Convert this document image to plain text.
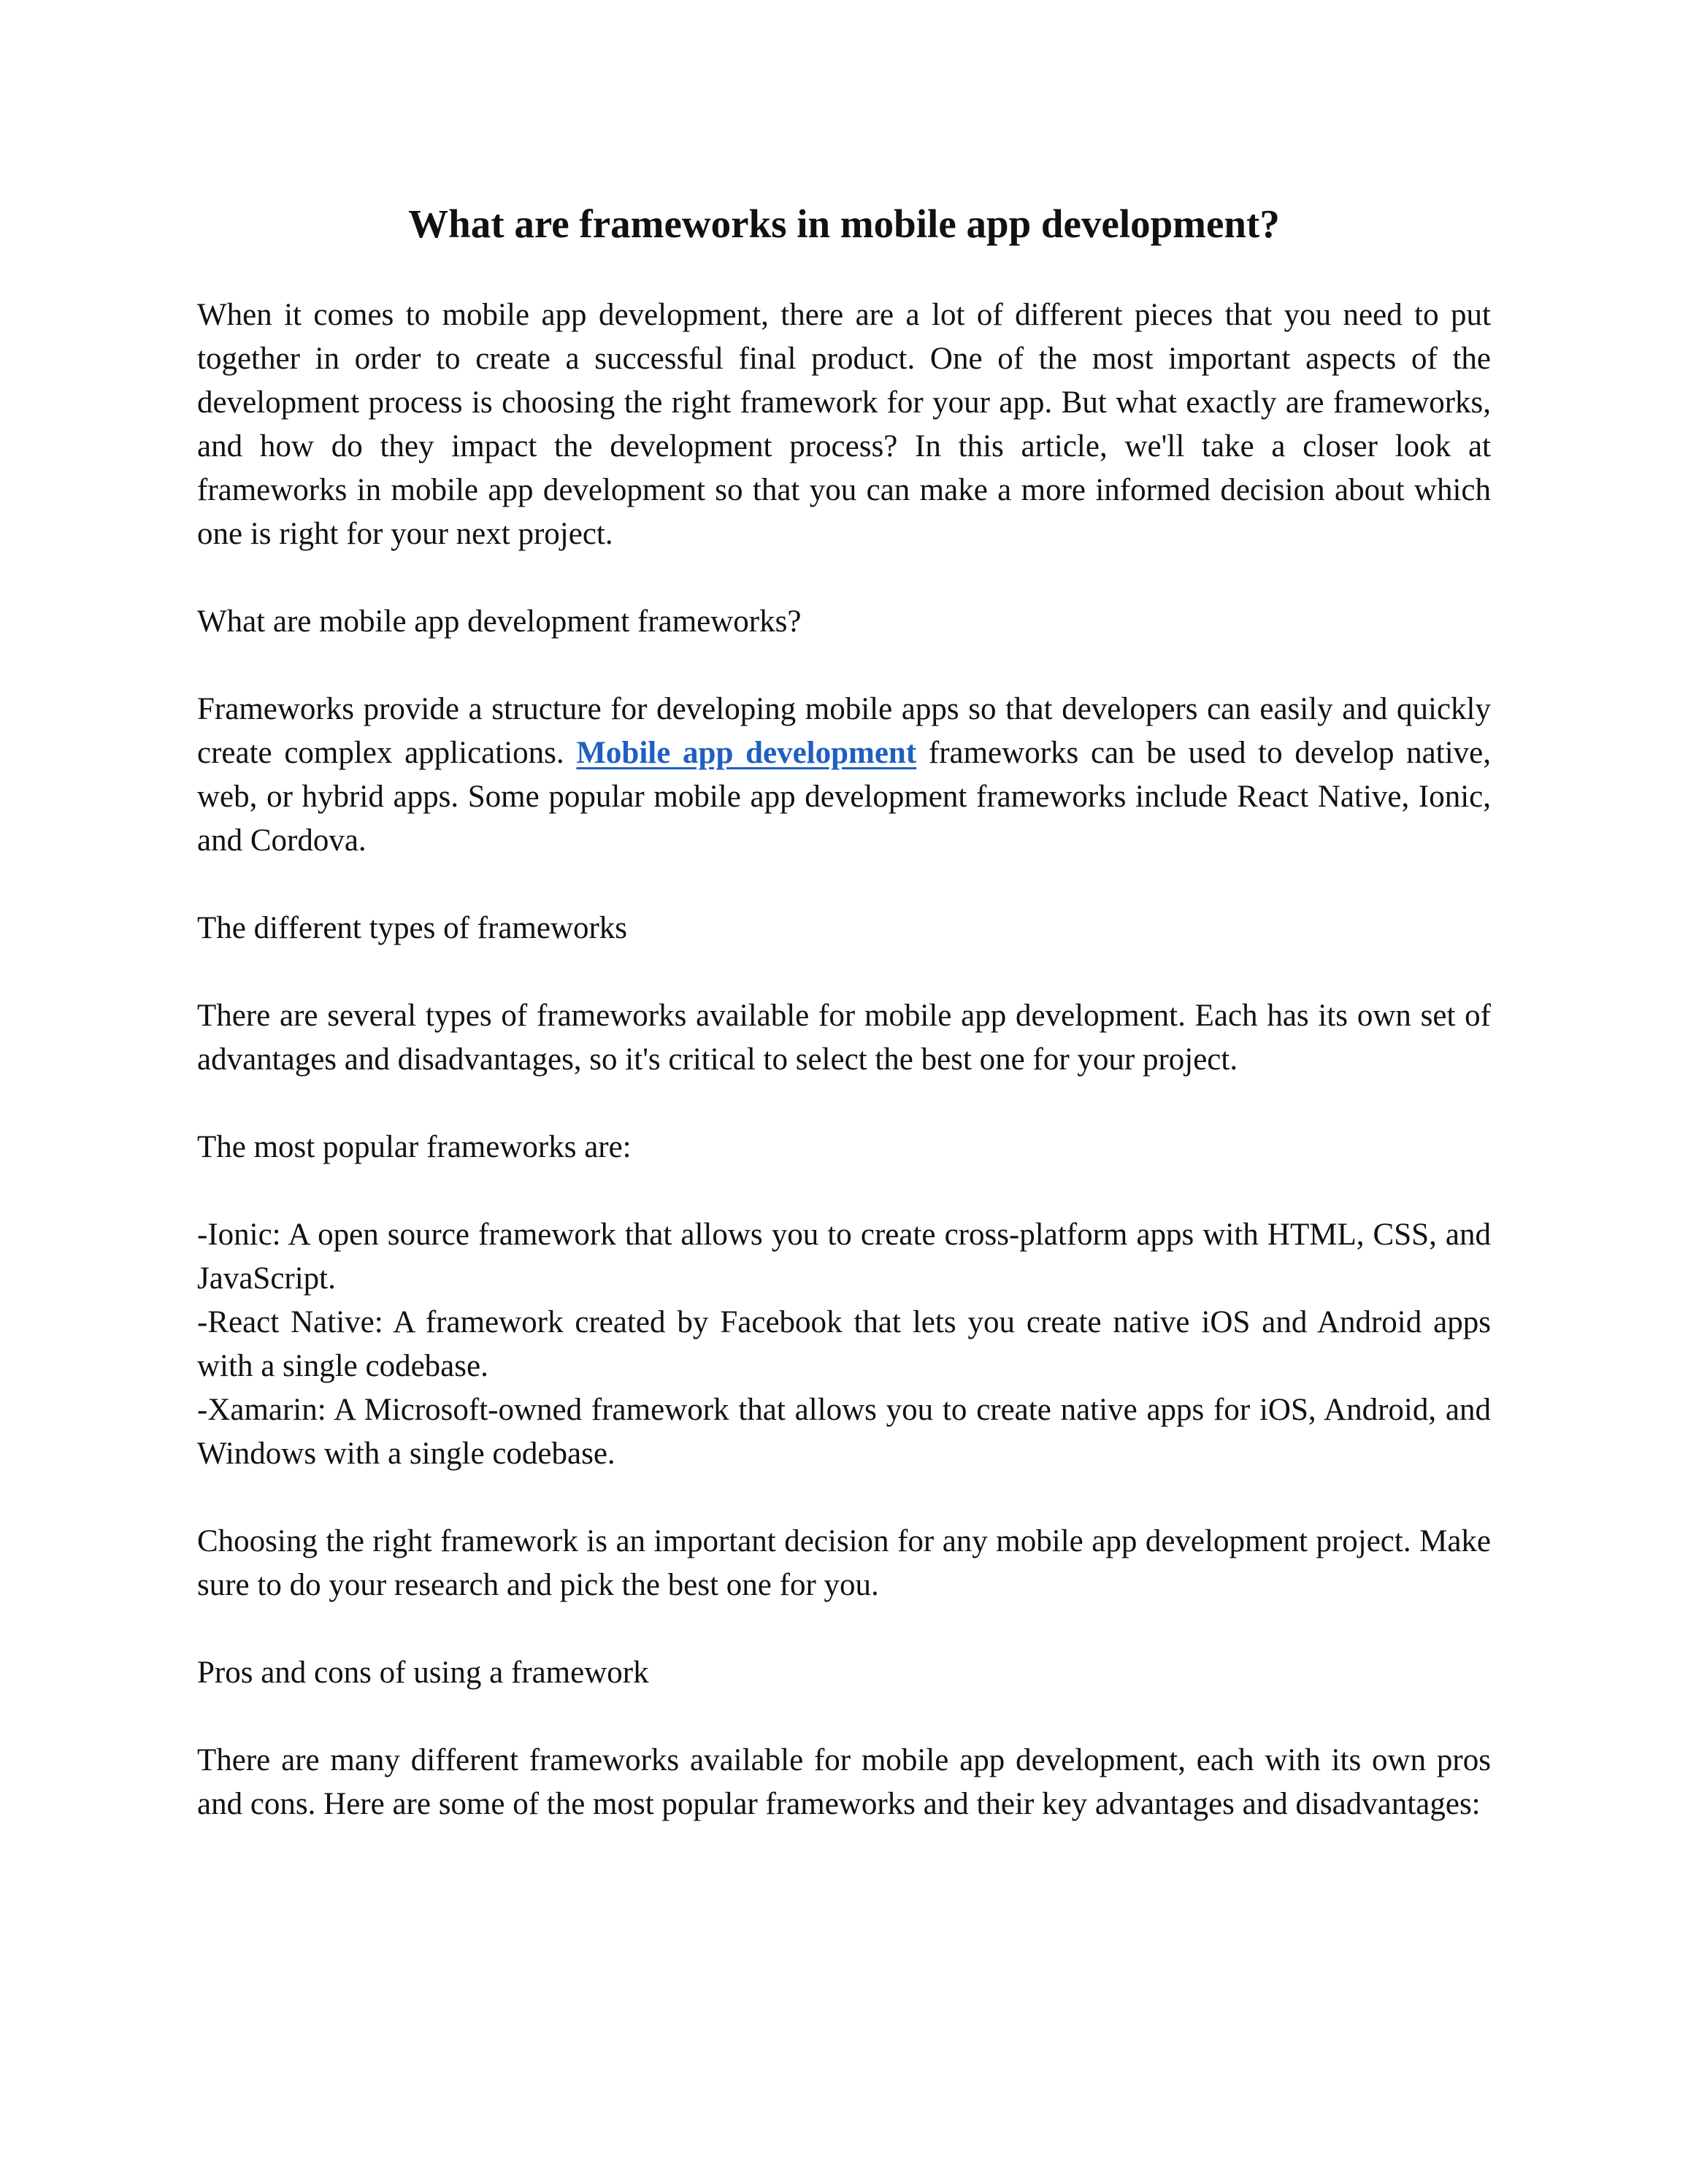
What are frameworks in mobile app development?

When it comes to mobile app development, there are a lot of different pieces that you need to put together in order to create a successful final product. One of the most important aspects of the development process is choosing the right framework for your app. But what exactly are frameworks, and how do they impact the development process? In this article, we'll take a closer look at frameworks in mobile app development so that you can make a more informed decision about which one is right for your next project.

What are mobile app development frameworks?

Frameworks provide a structure for developing mobile apps so that developers can easily and quickly create complex applications. Mobile app development frameworks can be used to develop native, web, or hybrid apps. Some popular mobile app development frameworks include React Native, Ionic, and Cordova.

The different types of frameworks

There are several types of frameworks available for mobile app development. Each has its own set of advantages and disadvantages, so it's critical to select the best one for your project.

The most popular frameworks are:

-Ionic: A open source framework that allows you to create cross-platform apps with HTML, CSS, and JavaScript.

-React Native: A framework created by Facebook that lets you create native iOS and Android apps with a single codebase.

-Xamarin: A Microsoft-owned framework that allows you to create native apps for iOS, Android, and Windows with a single codebase.

Choosing the right framework is an important decision for any mobile app development project. Make sure to do your research and pick the best one for you.

Pros and cons of using a framework

There are many different frameworks available for mobile app development, each with its own pros and cons. Here are some of the most popular frameworks and their key advantages and disadvantages:
